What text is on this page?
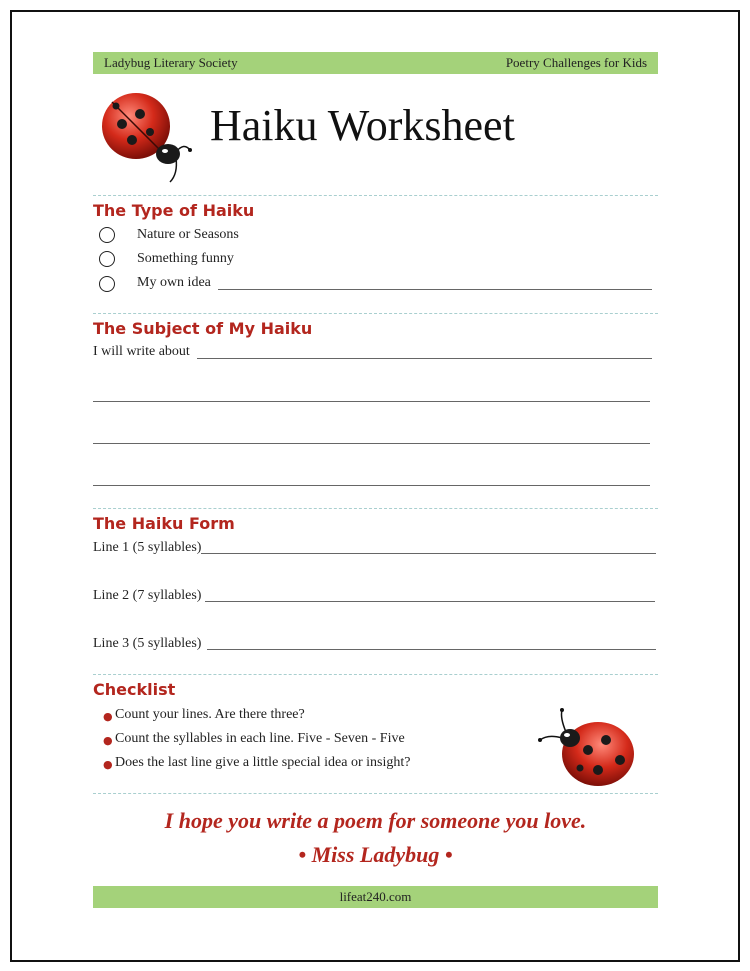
Ladybug Literary Society	Poetry Challenges for Kids
Haiku Worksheet
The Type of Haiku
Nature or Seasons
Something funny
My own idea
The Subject of My Haiku
I will write about
The Haiku Form
Line 1 (5 syllables)
Line 2 (7 syllables)
Line 3 (5 syllables)
Checklist
● Count your lines. Are there three?
● Count the syllables in each line. Five - Seven - Five
● Does the last line give a little special idea or insight?
I hope you write a poem for someone you love.
• Miss Ladybug •
lifeat240.com
